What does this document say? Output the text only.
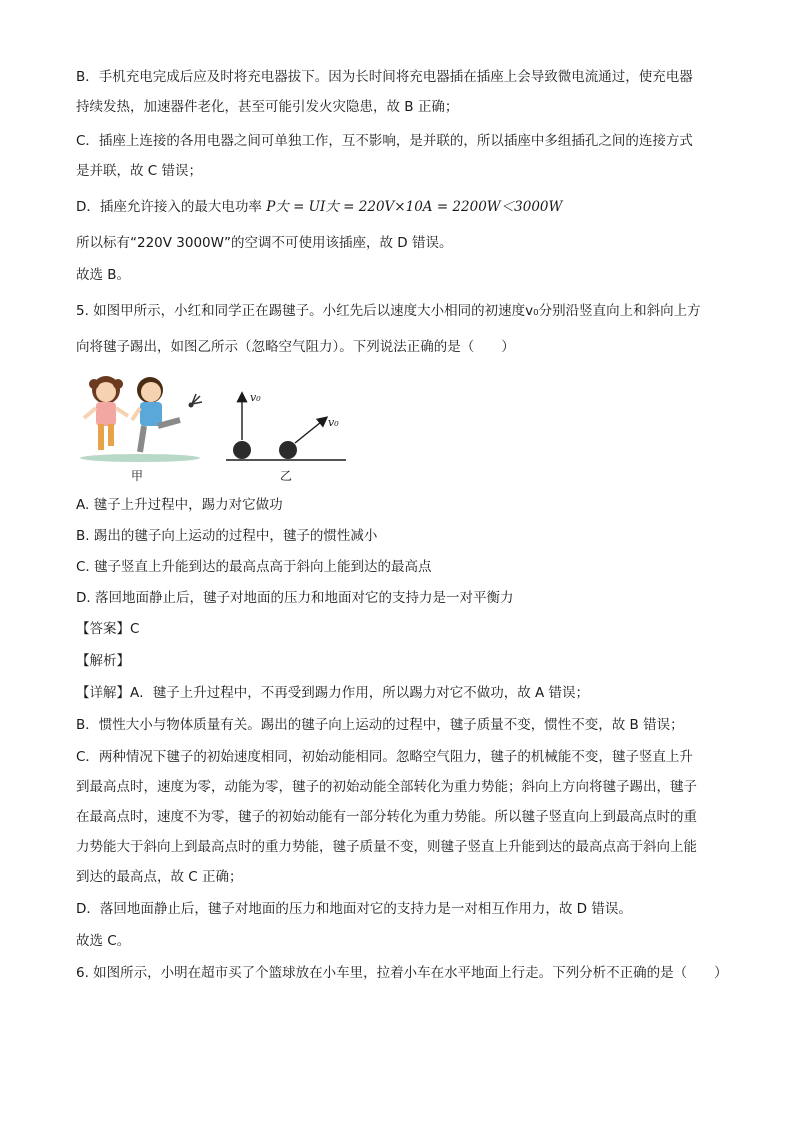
B．手机充电完成后应及时将充电器拔下。因为长时间将充电器插在插座上会导致微电流通过，使充电器
持续发热，加速器件老化，甚至可能引发火灾隐患，故 B 正确；
C．插座上连接的各用电器之间可单独工作，互不影响，是并联的，所以插座中多组插孔之间的连接方式
是并联，故 C 错误；
D．插座允许接入的最大电功率 P大 = UI大 = 220V×10A = 2200W＜3000W
所以标有“220V 3000W”的空调不可使用该插座，故 D 错误。
故选 B。
5. 如图甲所示，小红和同学正在踢毽子。小红先后以速度大小相同的初速度v₀分别沿竖直向上和斜向上方
向将毽子踢出，如图乙所示（忽略空气阻力）。下列说法正确的是（　　）
甲
v₀
v₀
乙
A. 毽子上升过程中，踢力对它做功
B. 踢出的毽子向上运动的过程中，毽子的惯性减小
C. 毽子竖直上升能到达的最高点高于斜向上能到达的最高点
D. 落回地面静止后，毽子对地面的压力和地面对它的支持力是一对平衡力
【答案】C
【解析】
【详解】A．毽子上升过程中，不再受到踢力作用，所以踢力对它不做功，故 A 错误；
B．惯性大小与物体质量有关。踢出的毽子向上运动的过程中，毽子质量不变，惯性不变，故 B 错误；
C．两种情况下毽子的初始速度相同，初始动能相同。忽略空气阻力，毽子的机械能不变，毽子竖直上升
到最高点时，速度为零，动能为零，毽子的初始动能全部转化为重力势能；斜向上方向将毽子踢出，毽子
在最高点时，速度不为零，毽子的初始动能有一部分转化为重力势能。所以毽子竖直向上到最高点时的重
力势能大于斜向上到最高点时的重力势能，毽子质量不变，则毽子竖直上升能到达的最高点高于斜向上能
到达的最高点，故 C 正确；
D．落回地面静止后，毽子对地面的压力和地面对它的支持力是一对相互作用力，故 D 错误。
故选 C。
6. 如图所示，小明在超市买了个篮球放在小车里，拉着小车在水平地面上行走。下列分析不正确的是（　　）
